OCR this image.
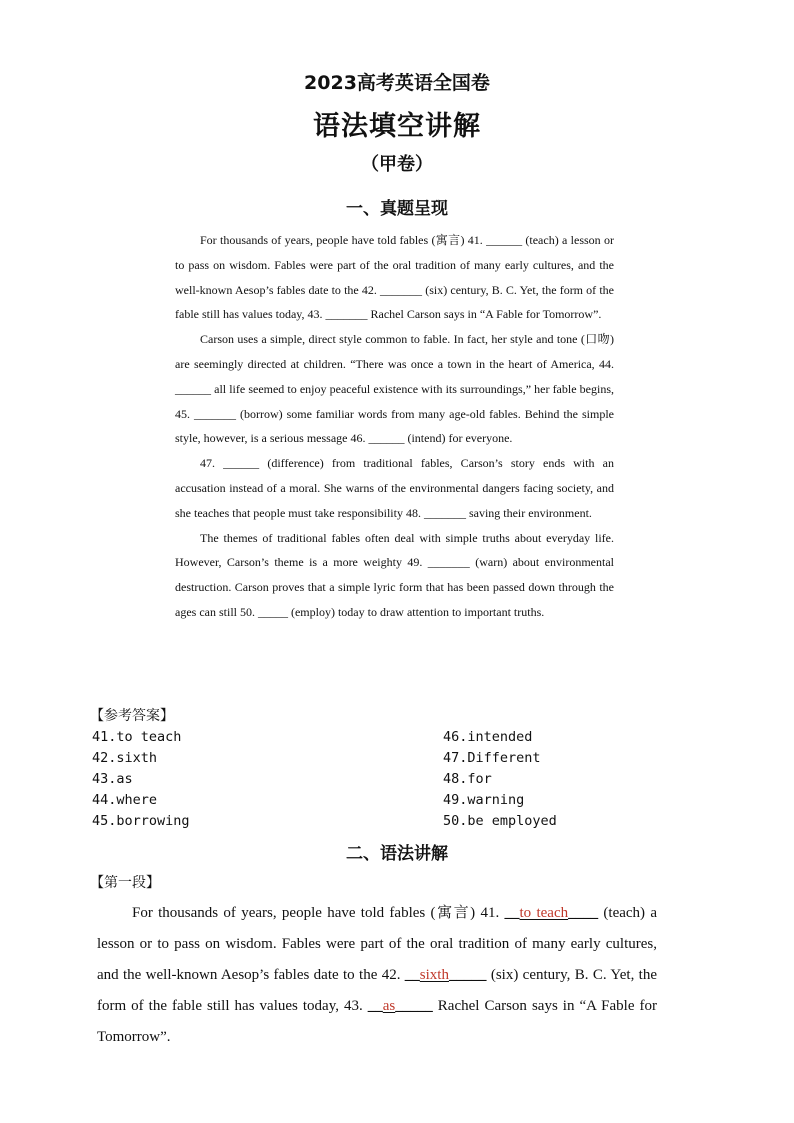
2023高考英语全国卷
语法填空讲解
（甲卷）
一、真题呈现

For thousands of years, people have told fables (寓言) 41. ______ (teach) a lesson or to pass on wisdom. Fables were part of the oral tradition of many early cultures, and the well-known Aesop’s fables date to the 42. _______ (six) century, B. C. Yet, the form of the fable still has values today, 43. _______ Rachel Carson says in “A Fable for Tomorrow”.

Carson uses a simple, direct style common to fable. In fact, her style and tone (口吻) are seemingly directed at children. “There was once a town in the heart of America, 44. ______ all life seemed to enjoy peaceful existence with its surroundings,” her fable begins, 45. _______ (borrow) some familiar words from many age-old fables. Behind the simple style, however, is a serious message 46. ______ (intend) for everyone.

47. ______ (difference) from traditional fables, Carson’s story ends with an accusation instead of a moral. She warns of the environmental dangers facing society, and she teaches that people must take responsibility 48. _______ saving their environment.

The themes of traditional fables often deal with simple truths about everyday life. However, Carson’s theme is a more weighty 49. _______ (warn) about environmental destruction. Carson proves that a simple lyric form that has been passed down through the ages can still 50. _____ (employ) today to draw attention to important truths.

【参考答案】
41.to teach
42.sixth
43.as
44.where
45.borrowing
46.intended
47.Different
48.for
49.warning
50.be employed
二、语法讲解
【第一段】

For thousands of years, people have told fables (寓言) 41. __to teach____ (teach) a lesson or to pass on wisdom. Fables were part of the oral tradition of many early cultures, and the well-known Aesop’s fables date to the 42. __sixth_____ (six) century, B. C. Yet, the form of the fable still has values today, 43. __as_____ Rachel Carson says in “A Fable for Tomorrow”.
